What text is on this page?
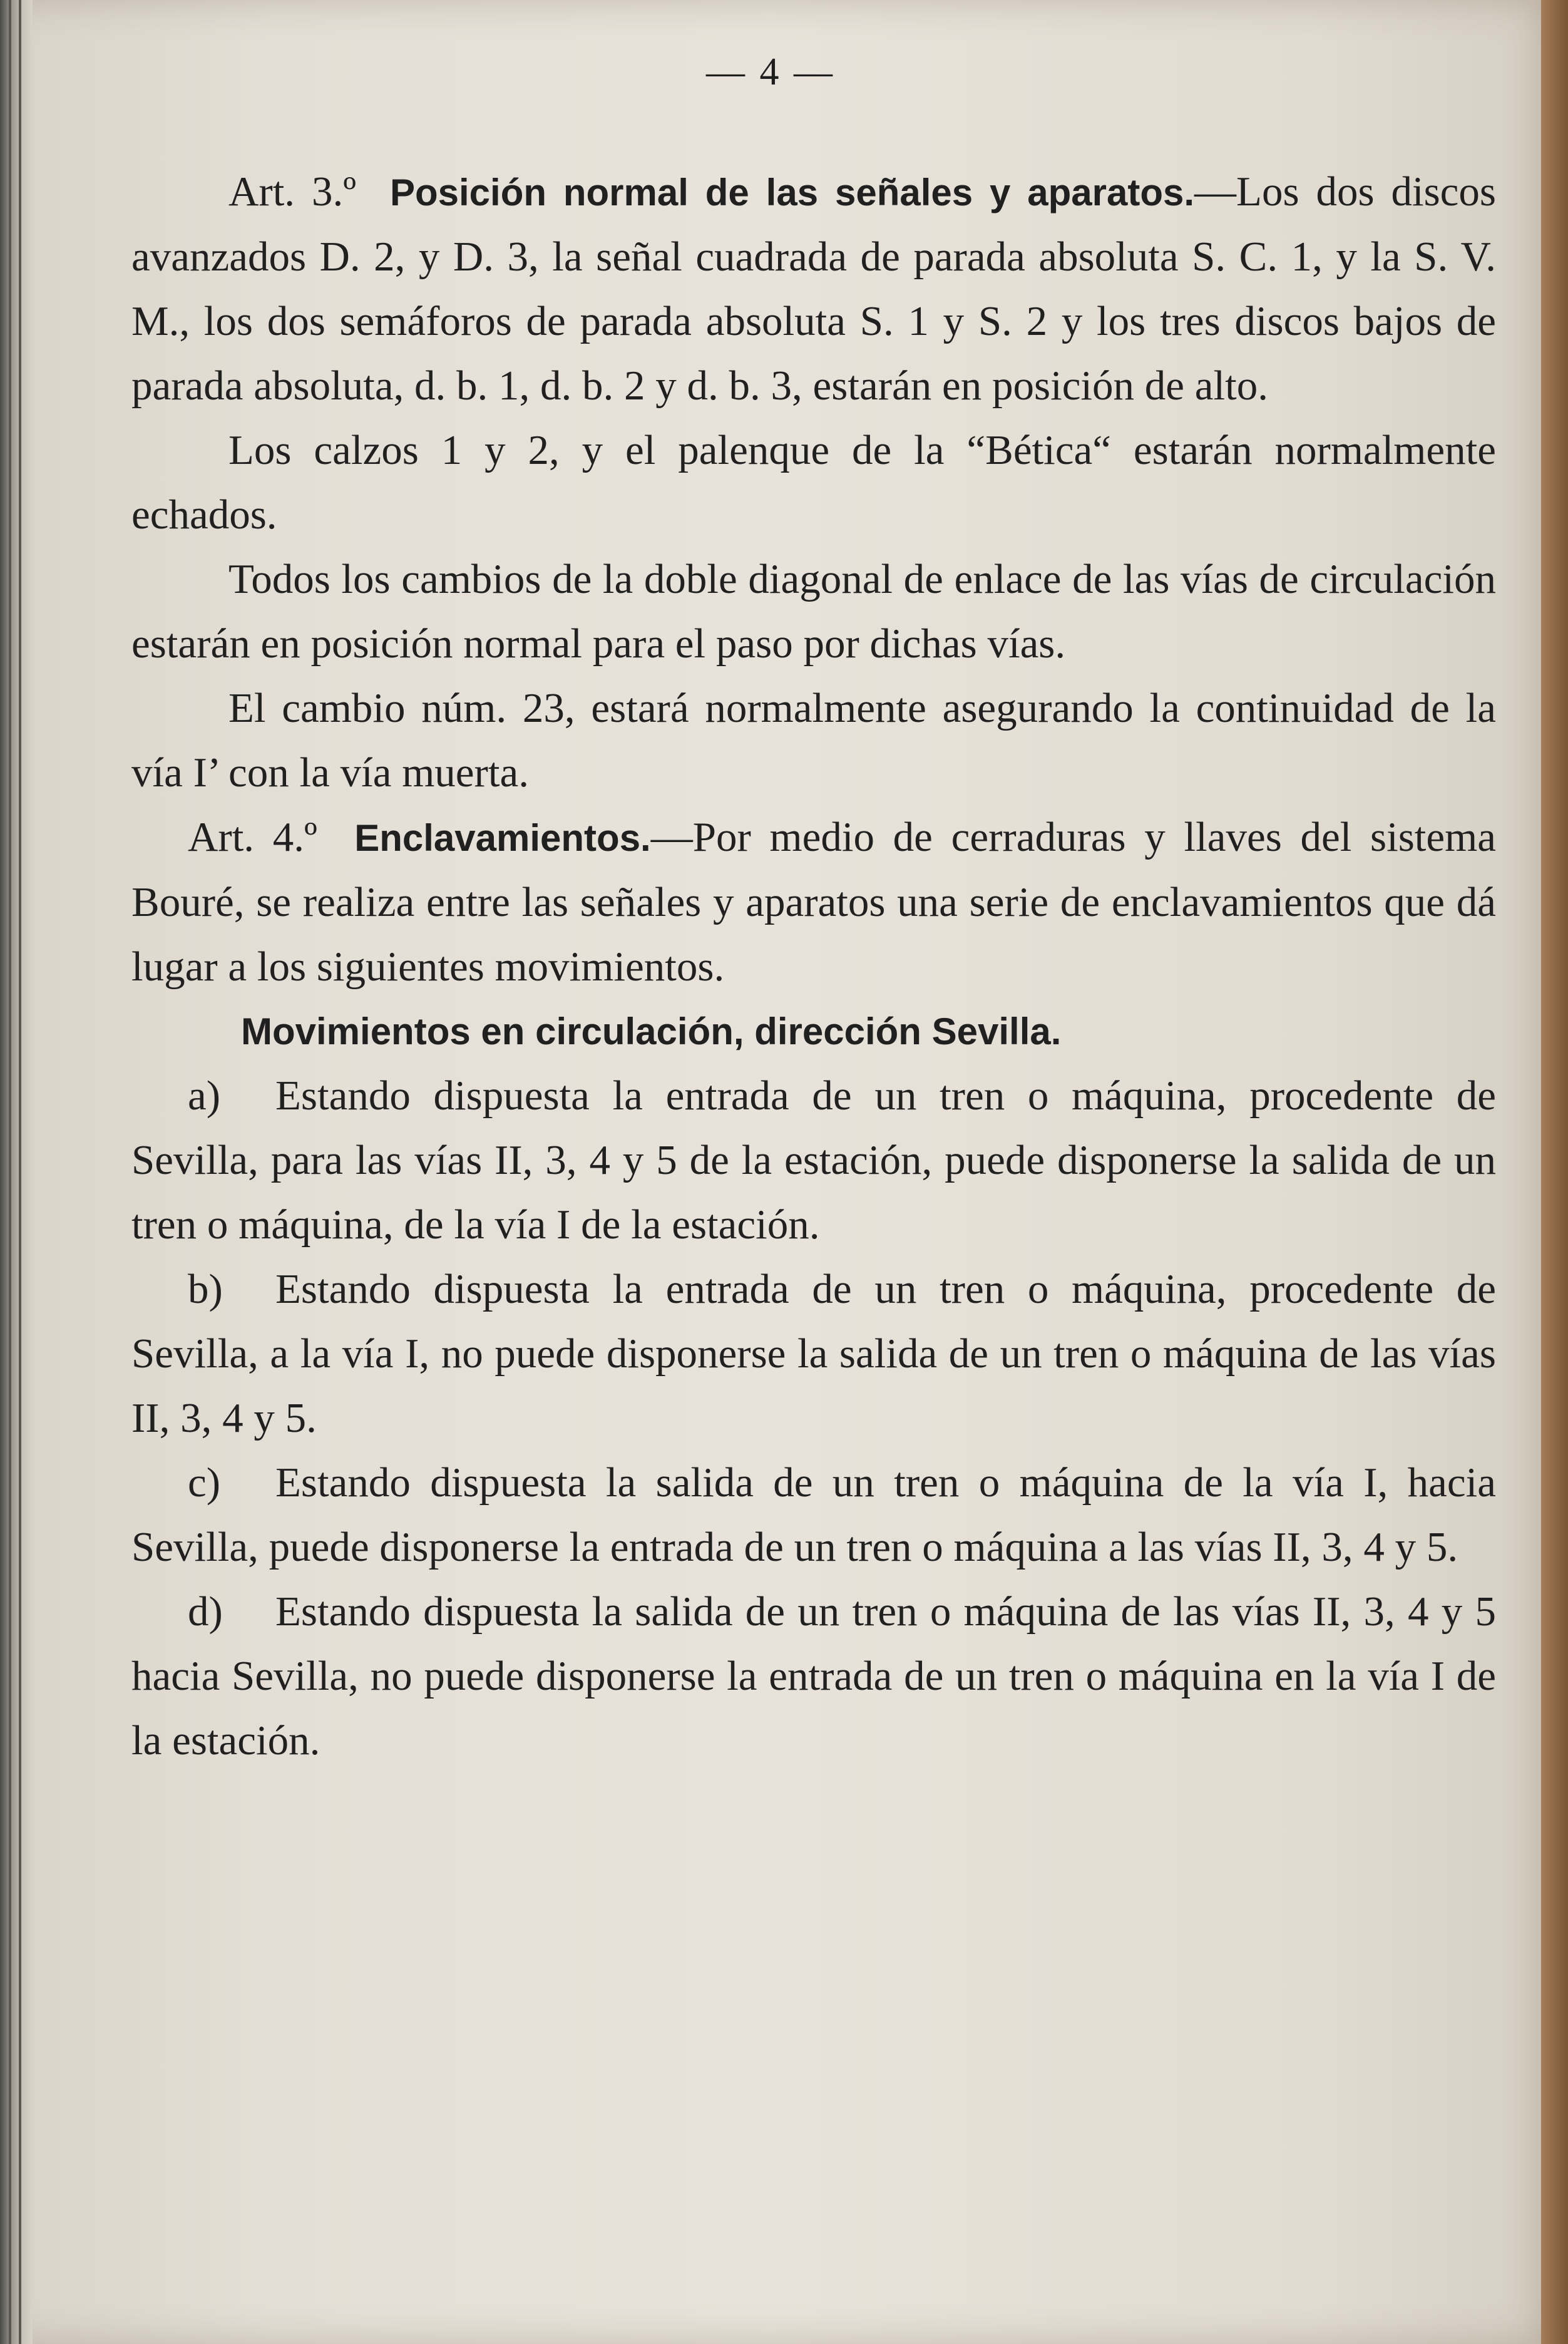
— 4 —

Art. 3.º Posición normal de las señales y aparatos.—Los dos discos avanzados D. 2, y D. 3, la señal cuadrada de parada absoluta S. C. 1, y la S. V. M., los dos semáforos de parada absoluta S. 1 y S. 2 y los tres discos bajos de parada absoluta, d. b. 1, d. b. 2 y d. b. 3, estarán en posición de alto.

Los calzos 1 y 2, y el palenque de la “Bética“ estarán normalmente echados.

Todos los cambios de la doble diagonal de enlace de las vías de circulación estarán en posición normal para el paso por dichas vías.

El cambio núm. 23, estará normalmente asegurando la continuidad de la vía I’ con la vía muerta.

Art. 4.º Enclavamientos.—Por medio de cerraduras y llaves del sistema Bouré, se realiza entre las señales y aparatos una serie de enclavamientos que dá lugar a los siguientes movimientos.

Movimientos en circulación, dirección Sevilla.

a) Estando dispuesta la entrada de un tren o máquina, procedente de Sevilla, para las vías II, 3, 4 y 5 de la estación, puede disponerse la salida de un tren o máquina, de la vía I de la estación.

b) Estando dispuesta la entrada de un tren o máquina, procedente de Sevilla, a la vía I, no puede disponerse la salida de un tren o máquina de las vías II, 3, 4 y 5.

c) Estando dispuesta la salida de un tren o máquina de la vía I, hacia Sevilla, puede disponerse la entrada de un tren o máquina a las vías II, 3, 4 y 5.

d) Estando dispuesta la salida de un tren o máquina de las vías II, 3, 4 y 5 hacia Sevilla, no puede disponerse la entrada de un tren o máquina en la vía I de la estación.
